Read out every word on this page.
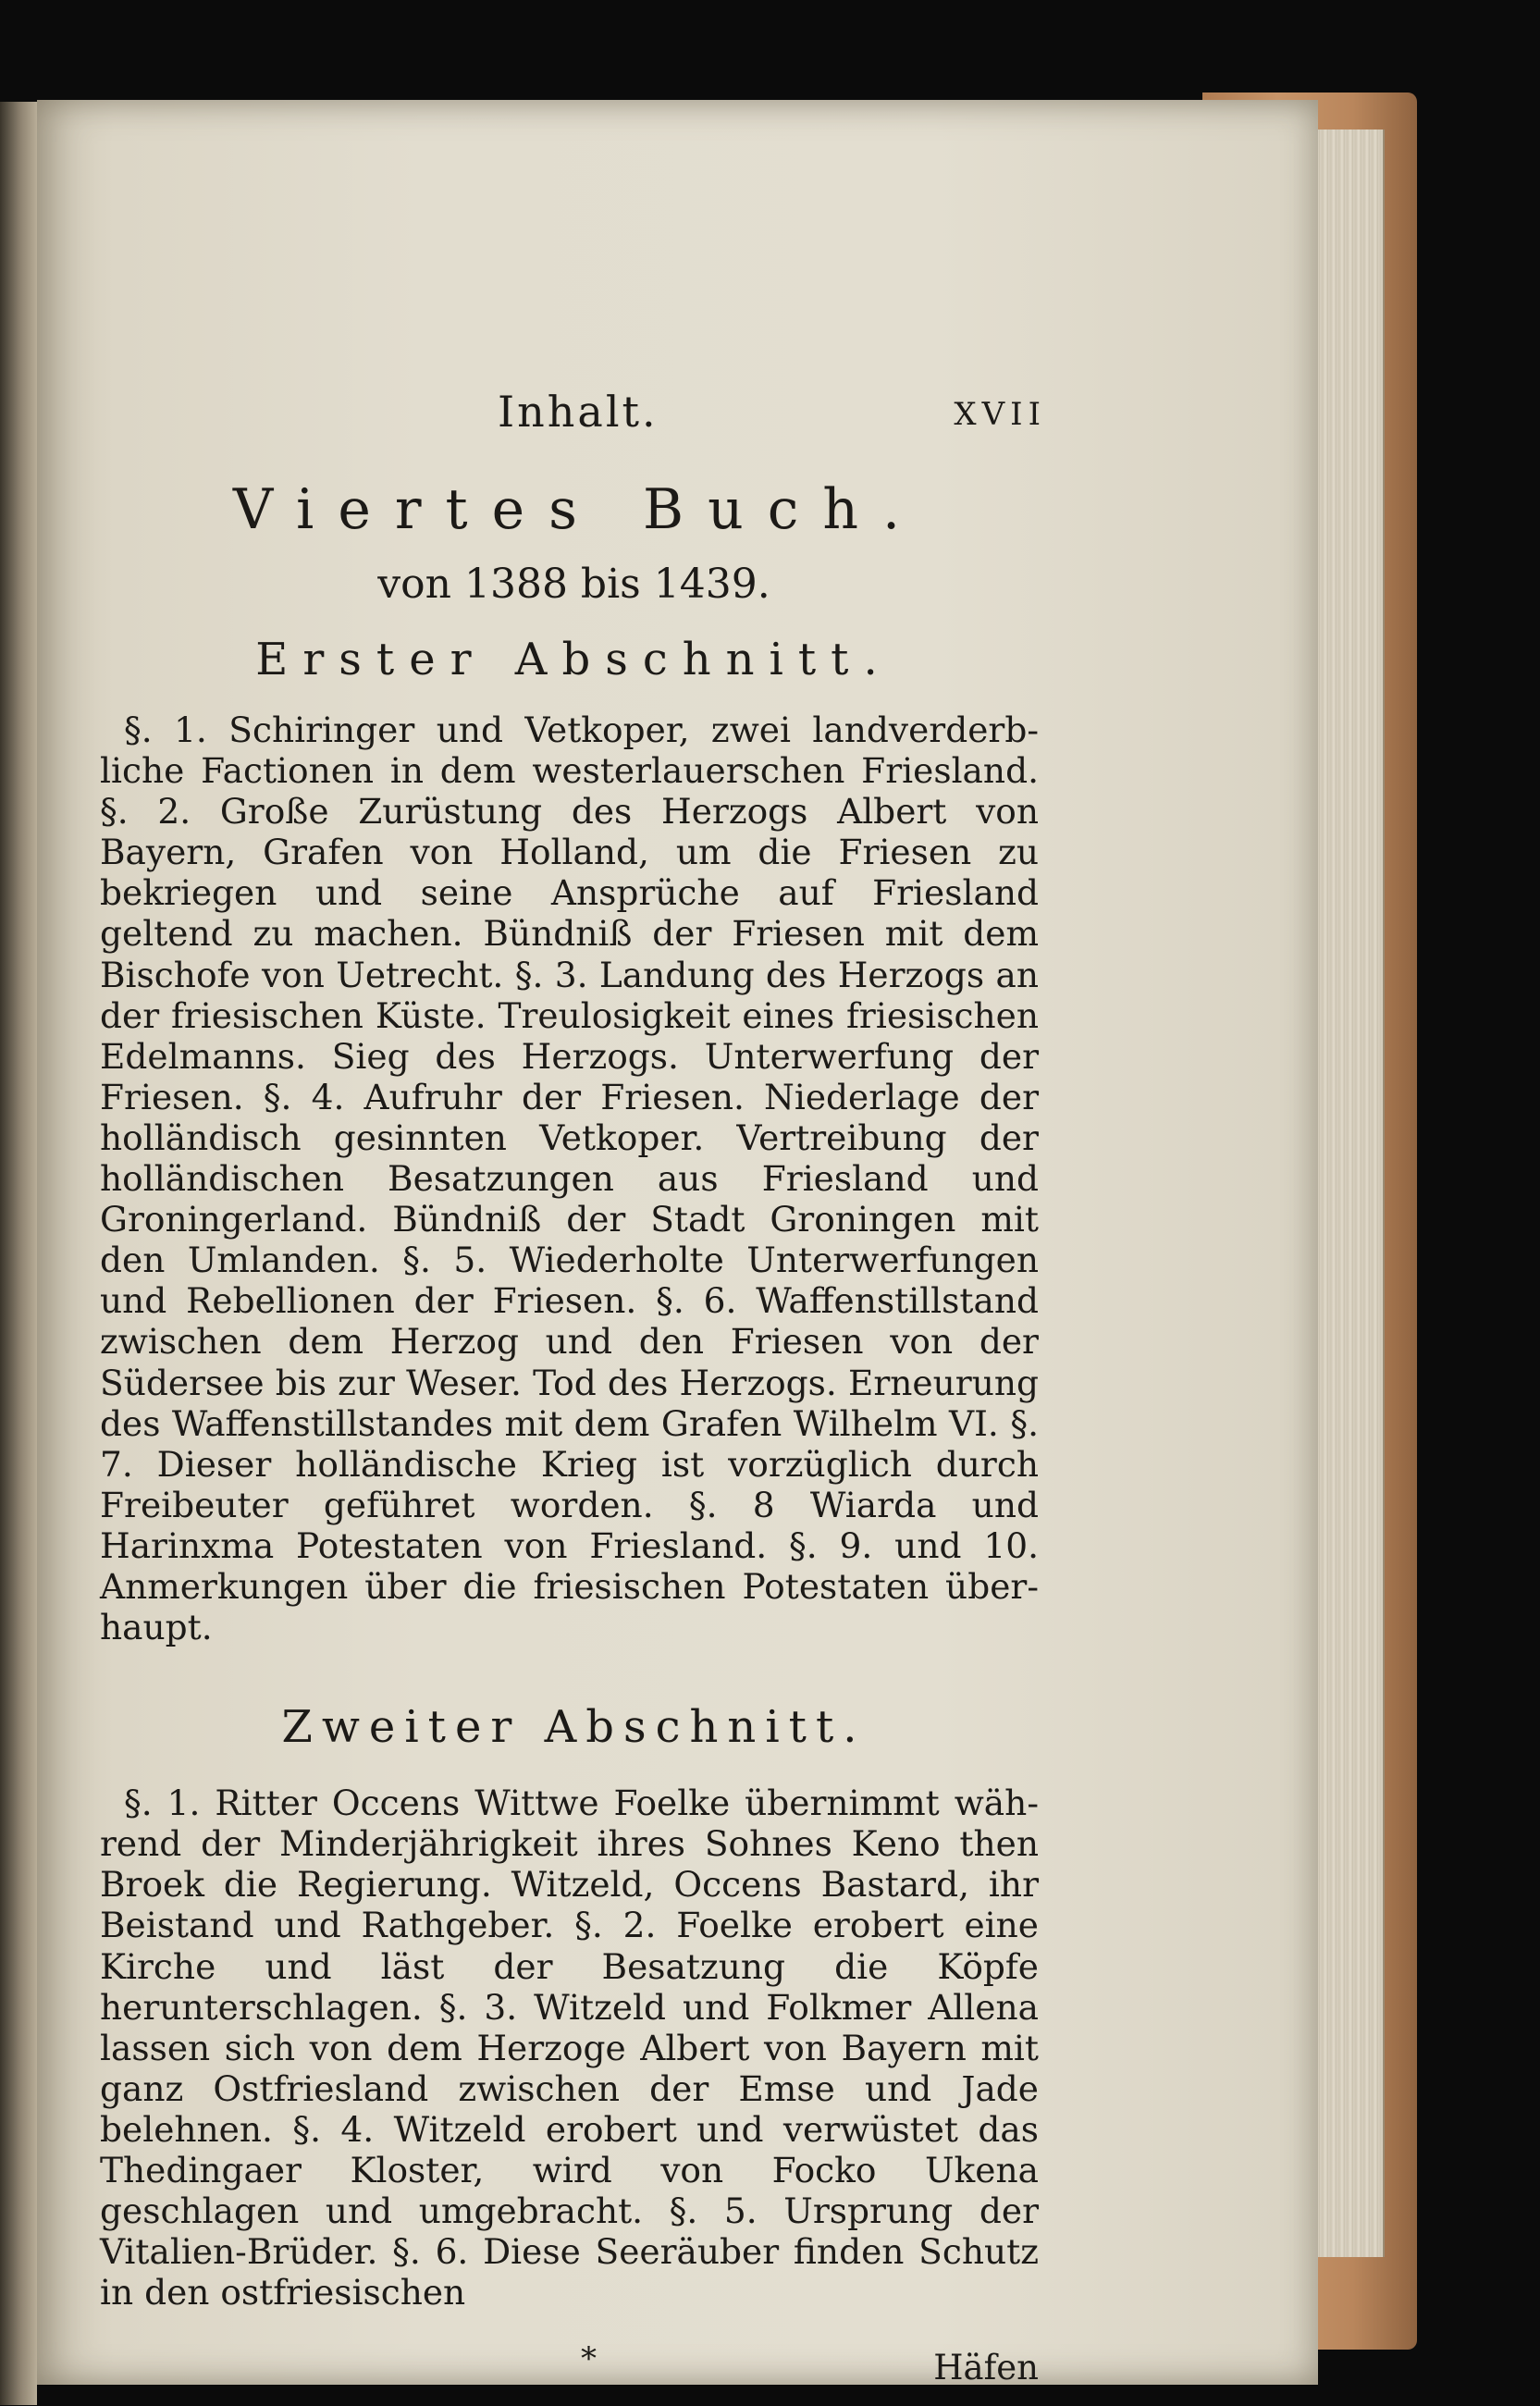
Inhalt.	XVII
Viertes Buch.
von 1388 bis 1439.
Erster Abschnitt.

§. 1. Schiringer und Vetkoper, zwei landverderbliche Factionen in dem westerlauerschen Friesland. §. 2. Große Zurüstung des Herzogs Albert von Bayern, Grafen von Holland, um die Friesen zu bekriegen und seine Ansprüche auf Friesland geltend zu machen. Bündniß der Friesen mit dem Bischofe von Uetrecht. §. 3. Landung des Herzogs an der friesischen Küste. Treulosigkeit eines friesischen Edelmanns. Sieg des Herzogs. Unterwerfung der Friesen. §. 4. Aufruhr der Friesen. Niederlage der holländisch gesinnten Vetkoper. Vertreibung der holländischen Besatzungen aus Friesland und Groningerland. Bündniß der Stadt Groningen mit den Umlanden. §. 5. Wiederholte Unterwerfungen und Rebellionen der Friesen. §. 6. Waffenstillstand zwischen dem Herzog und den Friesen von der Südersee bis zur Weser. Tod des Herzogs. Erneurung des Waffenstillstandes mit dem Grafen Wilhelm VI. §. 7. Dieser holländische Krieg ist vorzüglich durch Freibeuter geführet worden. §. 8 Wiarda und Harinxma Potestaten von Friesland. §. 9. und 10. Anmerkungen über die friesischen Potestaten überhaupt.

Zweiter Abschnitt.

§. 1. Ritter Occens Wittwe Foelke übernimmt während der Minderjährigkeit ihres Sohnes Keno then Broek die Regierung. Witzeld, Occens Bastard, ihr Beistand und Rathgeber. §. 2. Foelke erobert eine Kirche und läst der Besatzung die Köpfe herunterschlagen. §. 3. Witzeld und Folkmer Allena lassen sich von dem Herzoge Albert von Bayern mit ganz Ostfriesland zwischen der Emse und Jade belehnen. §. 4. Witzeld erobert und verwüstet das Thedingaer Kloster, wird von Focko Ukena geschlagen und umgebracht. §. 5. Ursprung der Vitalien-Brüder. §. 6. Diese Seeräuber finden Schutz in den ostfriesischen

*	Häfen
